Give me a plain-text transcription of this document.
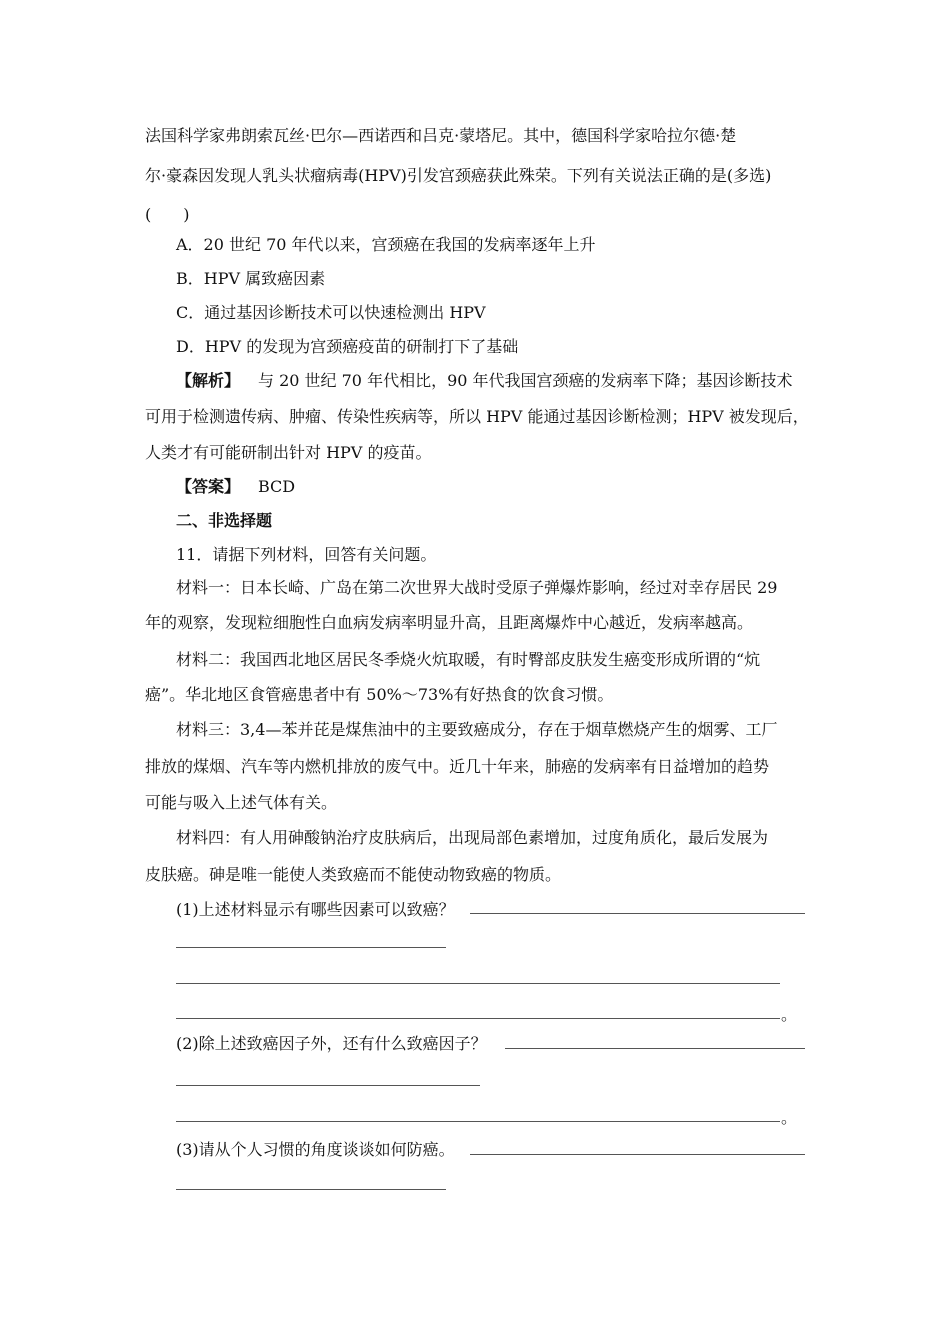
法国科学家弗朗索瓦丝·巴尔—西诺西和吕克·蒙塔尼。其中，德国科学家哈拉尔德·楚
尔·豪森因发现人乳头状瘤病毒(HPV)引发宫颈癌获此殊荣。下列有关说法正确的是(多选)
(　　)
A．20 世纪 70 年代以来，宫颈癌在我国的发病率逐年上升
B．HPV 属致癌因素
C．通过基因诊断技术可以快速检测出 HPV
D．HPV 的发现为宫颈癌疫苗的研制打下了基础
【解析】 与 20 世纪 70 年代相比，90 年代我国宫颈癌的发病率下降；基因诊断技术
可用于检测遗传病、肿瘤、传染性疾病等，所以 HPV 能通过基因诊断检测；HPV 被发现后，
人类才有可能研制出针对 HPV 的疫苗。
【答案】 BCD
二、非选择题
11．请据下列材料，回答有关问题。
材料一：日本长崎、广岛在第二次世界大战时受原子弹爆炸影响，经过对幸存居民 29
年的观察，发现粒细胞性白血病发病率明显升高，且距离爆炸中心越近，发病率越高。
材料二：我国西北地区居民冬季烧火炕取暖，有时臀部皮肤发生癌变形成所谓的“炕
癌”。华北地区食管癌患者中有 50%～73%有好热食的饮食习惯。
材料三：3,4—苯并芘是煤焦油中的主要致癌成分，存在于烟草燃烧产生的烟雾、工厂
排放的煤烟、汽车等内燃机排放的废气中。近几十年来，肺癌的发病率有日益增加的趋势
可能与吸入上述气体有关。
材料四：有人用砷酸钠治疗皮肤病后，出现局部色素增加，过度角质化，最后发展为
皮肤癌。砷是唯一能使人类致癌而不能使动物致癌的物质。
(1)上述材料显示有哪些因素可以致癌？
。
(2)除上述致癌因子外，还有什么致癌因子？
。
(3)请从个人习惯的角度谈谈如何防癌。
